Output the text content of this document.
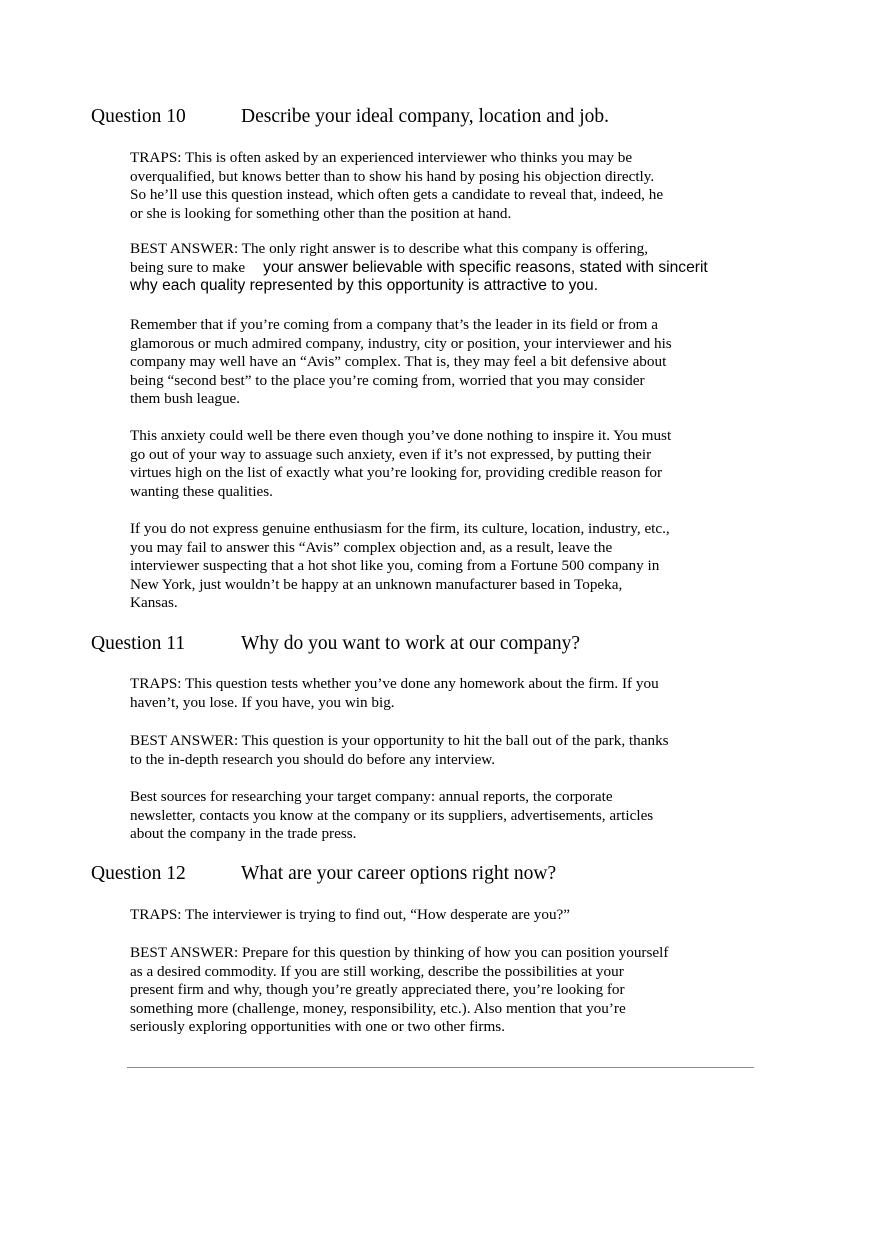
Question 10	Describe your ideal company, location and job.
TRAPS: This is often asked by an experienced interviewer who thinks you may be
overqualified, but knows better than to show his hand by posing his objection directly.
So he’ll use this question instead, which often gets a candidate to reveal that, indeed, he
or she is looking for something other than the position at hand.
BEST ANSWER: The only right answer is to describe what this company is offering,
being sure to make your answer believable with specific reasons, stated with sincerit
why each quality represented by this opportunity is attractive to you.
Remember that if you’re coming from a company that’s the leader in its field or from a
glamorous or much admired company, industry, city or position, your interviewer and his
company may well have an “Avis” complex. That is, they may feel a bit defensive about
being “second best” to the place you’re coming from, worried that you may consider
them bush league.
This anxiety could well be there even though you’ve done nothing to inspire it. You must
go out of your way to assuage such anxiety, even if it’s not expressed, by putting their
virtues high on the list of exactly what you’re looking for, providing credible reason for
wanting these qualities.
If you do not express genuine enthusiasm for the firm, its culture, location, industry, etc.,
you may fail to answer this “Avis” complex objection and, as a result, leave the
interviewer suspecting that a hot shot like you, coming from a Fortune 500 company in
New York, just wouldn’t be happy at an unknown manufacturer based in Topeka,
Kansas.
Question 11	Why do you want to work at our company?
TRAPS: This question tests whether you’ve done any homework about the firm. If you
haven’t, you lose. If you have, you win big.
BEST ANSWER: This question is your opportunity to hit the ball out of the park, thanks
to the in-depth research you should do before any interview.
Best sources for researching your target company: annual reports, the corporate
newsletter, contacts you know at the company or its suppliers, advertisements, articles
about the company in the trade press.
Question 12	What are your career options right now?
TRAPS: The interviewer is trying to find out, “How desperate are you?”
BEST ANSWER: Prepare for this question by thinking of how you can position yourself
as a desired commodity. If you are still working, describe the possibilities at your
present firm and why, though you’re greatly appreciated there, you’re looking for
something more (challenge, money, responsibility, etc.). Also mention that you’re
seriously exploring opportunities with one or two other firms.
